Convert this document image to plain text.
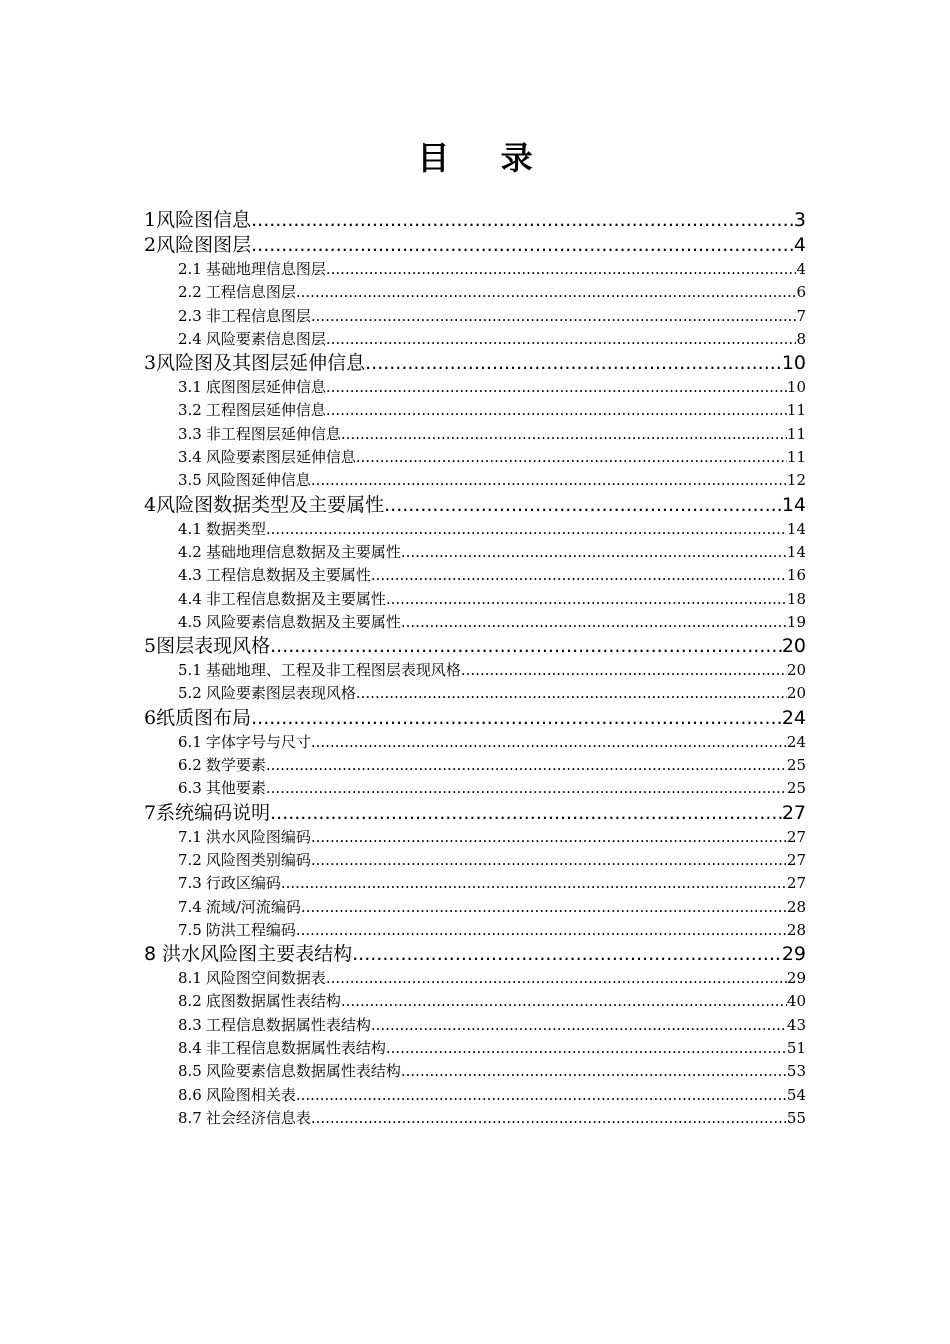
目 录
1 风险图信息 .....	3
2 风险图图层 .....	4
2.1 基础地理信息图层 .....	4
2.2 工程信息图层 .....	6
2.3 非工程信息图层 .....	7
2.4 风险要素信息图层 .....	8
3 风险图及其图层延伸信息 .....	10
3.1 底图图层延伸信息 .....	10
3.2 工程图层延伸信息 .....	11
3.3 非工程图层延伸信息 .....	11
3.4 风险要素图层延伸信息 .....	11
3.5 风险图延伸信息 .....	12
4 风险图数据类型及主要属性 .....	14
4.1 数据类型 .....	14
4.2 基础地理信息数据及主要属性 .....	14
4.3 工程信息数据及主要属性 .....	16
4.4 非工程信息数据及主要属性 .....	18
4.5 风险要素信息数据及主要属性 .....	19
5 图层表现风格 .....	20
5.1 基础地理、工程及非工程图层表现风格 .....	20
5.2 风险要素图层表现风格 .....	20
6 纸质图布局 .....	24
6.1 字体字号与尺寸 .....	24
6.2 数学要素 .....	25
6.3 其他要素 .....	25
7 系统编码说明 .....	27
7.1 洪水风险图编码 .....	27
7.2 风险图类别编码 .....	27
7.3 行政区编码 .....	27
7.4 流域/河流编码 .....	28
7.5 防洪工程编码 .....	28
8 洪水风险图主要表结构 .....	29
8.1 风险图空间数据表 .....	29
8.2 底图数据属性表结构 .....	40
8.3 工程信息数据属性表结构 .....	43
8.4 非工程信息数据属性表结构 .....	51
8.5 风险要素信息数据属性表结构 .....	53
8.6 风险图相关表 .....	54
8.7 社会经济信息表 .....	55
